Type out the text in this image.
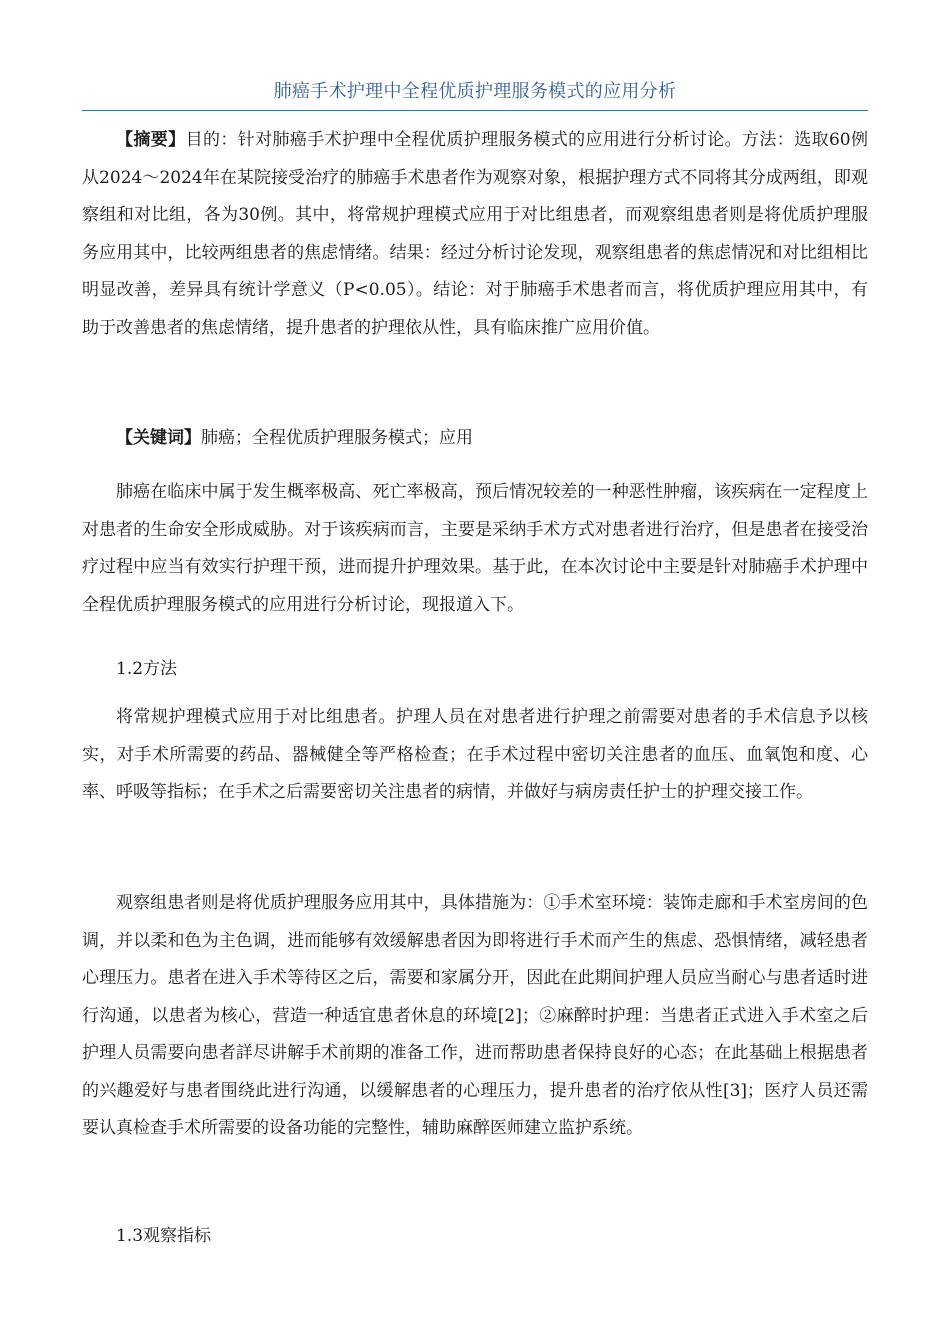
肺癌手术护理中全程优质护理服务模式的应用分析

【摘要】目的：针对肺癌手术护理中全程优质护理服务模式的应用进行分析讨论。方法：选取60例从2024～2024年在某院接受治疗的肺癌手术患者作为观察对象，根据护理方式不同将其分成两组，即观察组和对比组，各为30例。其中，将常规护理模式应用于对比组患者，而观察组患者则是将优质护理服务应用其中，比较两组患者的焦虑情绪。结果：经过分析讨论发现，观察组患者的焦虑情况和对比组相比明显改善，差异具有统计学意义（P<0.05）。结论：对于肺癌手术患者而言，将优质护理应用其中，有助于改善患者的焦虑情绪，提升患者的护理依从性，具有临床推广应用价值。

【关键词】肺癌；全程优质护理服务模式；应用

肺癌在临床中属于发生概率极高、死亡率极高，预后情况较差的一种恶性肿瘤，该疾病在一定程度上对患者的生命安全形成威胁。对于该疾病而言，主要是采纳手术方式对患者进行治疗，但是患者在接受治疗过程中应当有效实行护理干预，进而提升护理效果。基于此，在本次讨论中主要是针对肺癌手术护理中全程优质护理服务模式的应用进行分析讨论，现报道入下。

1.2方法

将常规护理模式应用于对比组患者。护理人员在对患者进行护理之前需要对患者的手术信息予以核实，对手术所需要的药品、器械健全等严格检查；在手术过程中密切关注患者的血压、血氧饱和度、心率、呼吸等指标；在手术之后需要密切关注患者的病情，并做好与病房责任护士的护理交接工作。

观察组患者则是将优质护理服务应用其中，具体措施为：①手术室环境：装饰走廊和手术室房间的色调，并以柔和色为主色调，进而能够有效缓解患者因为即将进行手术而产生的焦虑、恐惧情绪，减轻患者心理压力。患者在进入手术等待区之后，需要和家属分开，因此在此期间护理人员应当耐心与患者适时进行沟通，以患者为核心，营造一种适宜患者休息的环境[2]；②麻醉时护理：当患者正式进入手术室之后护理人员需要向患者詳尽讲解手术前期的准备工作，进而帮助患者保持良好的心态；在此基础上根据患者的兴趣爱好与患者围绕此进行沟通，以缓解患者的心理压力，提升患者的治疗依从性[3]；医疗人员还需要认真检查手术所需要的设备功能的完整性，辅助麻醉医师建立监护系统。

1.3观察指标
